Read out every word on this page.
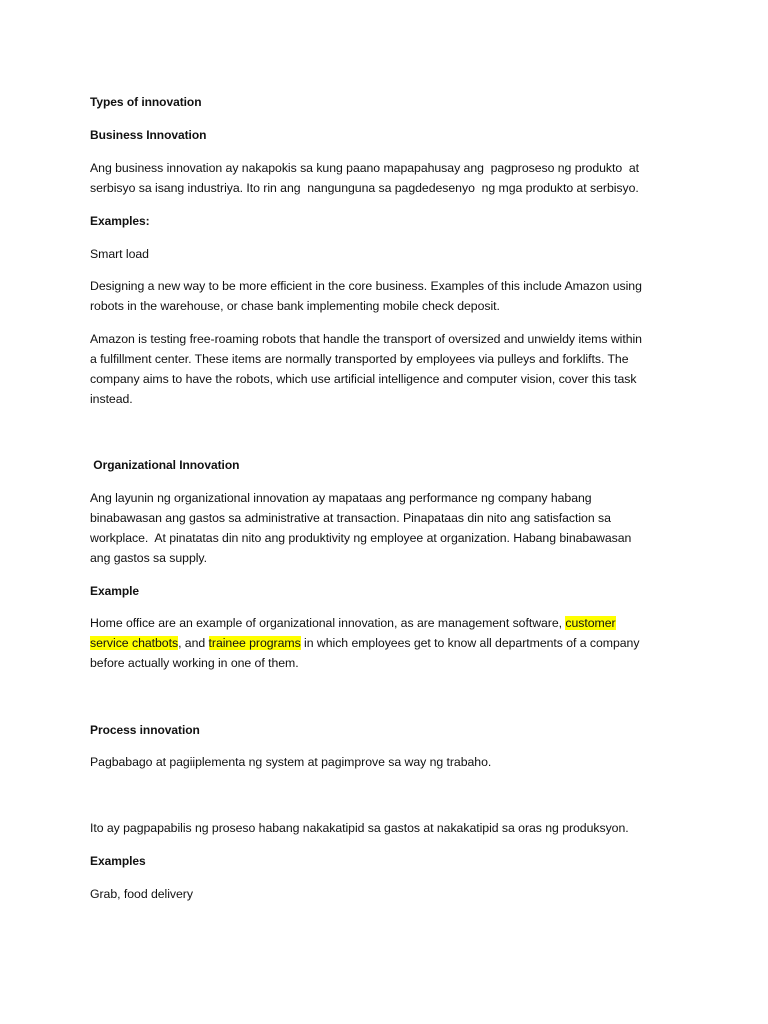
Types of innovation
Business Innovation
Ang business innovation ay nakapokis sa kung paano mapapahusay ang  pagproseso ng produkto  at
serbisyo sa isang industriya. Ito rin ang  nangunguna sa pagdedesenyo  ng mga produkto at serbisyo.
Examples:
Smart load
Designing a new way to be more efficient in the core business. Examples of this include Amazon using
robots in the warehouse, or chase bank implementing mobile check deposit.
Amazon is testing free-roaming robots that handle the transport of oversized and unwieldy items within
a fulfillment center. These items are normally transported by employees via pulleys and forklifts. The
company aims to have the robots, which use artificial intelligence and computer vision, cover this task
instead.
Organizational Innovation
Ang layunin ng organizational innovation ay mapataas ang performance ng company habang
binabawasan ang gastos sa administrative at transaction. Pinapataas din nito ang satisfaction sa
workplace.  At pinatatas din nito ang produktivity ng employee at organization. Habang binabawasan
ang gastos sa supply.
Example
Home office are an example of organizational innovation, as are management software, customer
service chatbots, and trainee programs in which employees get to know all departments of a company
before actually working in one of them.
Process innovation
Pagbabago at pagiiplementa ng system at pagimprove sa way ng trabaho.
Ito ay pagpapabilis ng proseso habang nakakatipid sa gastos at nakakatipid sa oras ng produksyon.
Examples
Grab, food delivery
